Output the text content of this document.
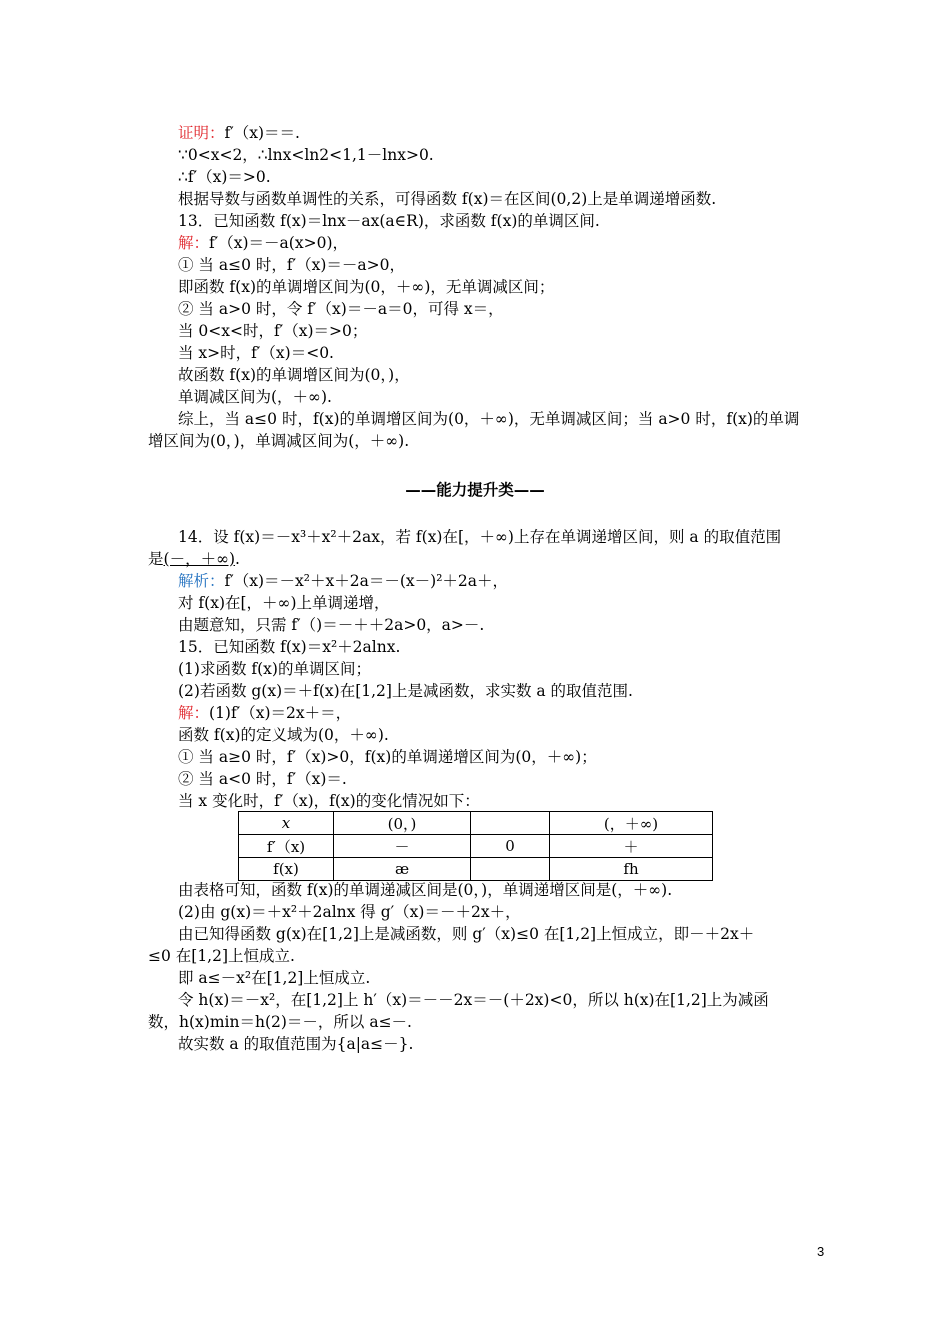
证明：f′（x)＝＝.
∵0<x<2，∴lnx<ln2<1,1－lnx>0.
∴f′（x)＝>0.
根据导数与函数单调性的关系，可得函数 f(x)＝在区间(0,2)上是单调递增函数.
13．已知函数 f(x)＝lnx－ax(a∈R)，求函数 f(x)的单调区间.
解：f′（x)＝－a(x>0)，
① 当 a≤0 时，f′（x)＝－a>0，
即函数 f(x)的单调增区间为(0，＋∞)，无单调减区间；
② 当 a>0 时，令 f′（x)＝－a＝0，可得 x＝，
当 0<x<时，f′（x)＝>0；
当 x>时，f′（x)＝<0.
故函数 f(x)的单调增区间为(0，)，
单调减区间为(，＋∞).
综上，当 a≤0 时，f(x)的单调增区间为(0，＋∞)，无单调减区间；当 a>0 时，f(x)的单调
增区间为(0，)，单调减区间为(，＋∞).
——能力提升类——
14．设 f(x)＝－x³＋x²＋2ax，若 f(x)在[，＋∞)上存在单调递增区间，则 a 的取值范围
是(－，＋∞).
解析：f′（x)＝－x²＋x＋2a＝－(x－)²＋2a＋，
对 f(x)在[，＋∞)上单调递增，
由题意知，只需 f′（)＝－＋＋2a>0，a>－.
15．已知函数 f(x)＝x²＋2alnx.
(1)求函数 f(x)的单调区间；
(2)若函数 g(x)＝＋f(x)在[1,2]上是减函数，求实数 a 的取值范围.
解：(1)f′（x)＝2x＋＝，
函数 f(x)的定义域为(0，＋∞).
① 当 a≥0 时，f′（x)>0，f(x)的单调递增区间为(0，＋∞)；
② 当 a<0 时，f′（x)＝.
当 x 变化时，f′（x)，f(x)的变化情况如下：
x	(0，)		(，＋∞)
f′（x)	－	0	＋
f(x)	æ		fh
由表格可知，函数 f(x)的单调递减区间是(0，)，单调递增区间是(，＋∞).
(2)由 g(x)＝＋x²＋2alnx 得 g′（x)＝－＋2x＋，
由已知得函数 g(x)在[1,2]上是减函数，则 g′（x)≤0 在[1,2]上恒成立，即－＋2x＋
≤0 在[1,2]上恒成立.
即 a≤－x²在[1,2]上恒成立.
令 h(x)＝－x²，在[1,2]上 h′（x)＝－－2x＝－(＋2x)<0，所以 h(x)在[1,2]上为减函
数，h(x)min＝h(2)＝－，所以 a≤－.
故实数 a 的取值范围为{a|a≤－}.
3
